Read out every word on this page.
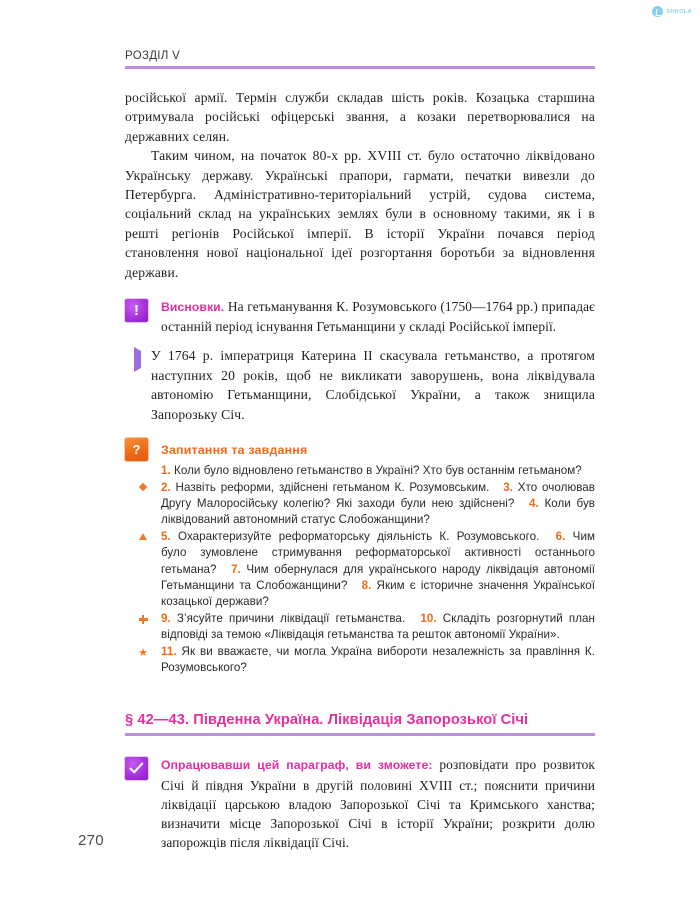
SHKOLA
РОЗДІЛ V

російської армії. Термін служби складав шість років. Козацька старшина отримувала російські офіцерські звання, а козаки перетворювалися на державних селян.

Таким чином, на початок 80-х рр. XVIII ст. було остаточно ліквідовано Українську державу. Українські прапори, гармати, печатки вивезли до Петербурга. Адміністративно-територіальний устрій, судова система, соціальний склад на українських землях були в основному такими, як і в решті регіонів Російської імперії. В історії України почався період становлення нової національної ідеї розгортання боротьби за відновлення держави.

!	Висновки. На гетьманування К. Розумовського (1750—1764 рр.) припадає останній період існування Гетьманщини у складі Російської імперії.
У 1764 р. імператриця Катерина II скасувала гетьманство, а протягом наступних 20 років, щоб не викликати заворушень, вона ліквідувала автономію Гетьманщини, Слобідської України, а також знищила Запорозьку Січ.
?	Запитання та завдання
1. Коли було відновлено гетьманство в Україні? Хто був останнім гетьманом?
2. Назвіть реформи, здійснені гетьманом К. Розумовським. 3. Хто очолював Другу Малоросійську колегію? Які заходи були нею здійснені? 4. Коли був ліквідований автономний статус Слобожанщини?
5. Охарактеризуйте реформаторську діяльність К. Розумовського. 6. Чим було зумовлене стримування реформаторської активності останнього гетьмана? 7. Чим обернулася для українського народу ліквідація автономії Гетьманщини та Слобожанщини? 8. Яким є історичне значення Української козацької держави?
9. З’ясуйте причини ліквідації гетьманства. 10. Складіть розгорнутий план відповіді за темою «Ліквідація гетьманства та решток автономії України».
★ 11. Як ви вважаєте, чи могла Україна вибороти незалежність за правління К. Розумовського?
§ 42—43. Південна Україна. Ліквідація Запорозької Січі
Опрацювавши цей параграф, ви зможете: розповідати про розвиток Січі й півдня України в другій половині XVIII ст.; пояснити причини ліквідації царською владою Запорозької Січі та Кримського ханства; визначити місце Запорозької Січі в історії України; розкрити долю запорожців після ліквідації Січі.
270
